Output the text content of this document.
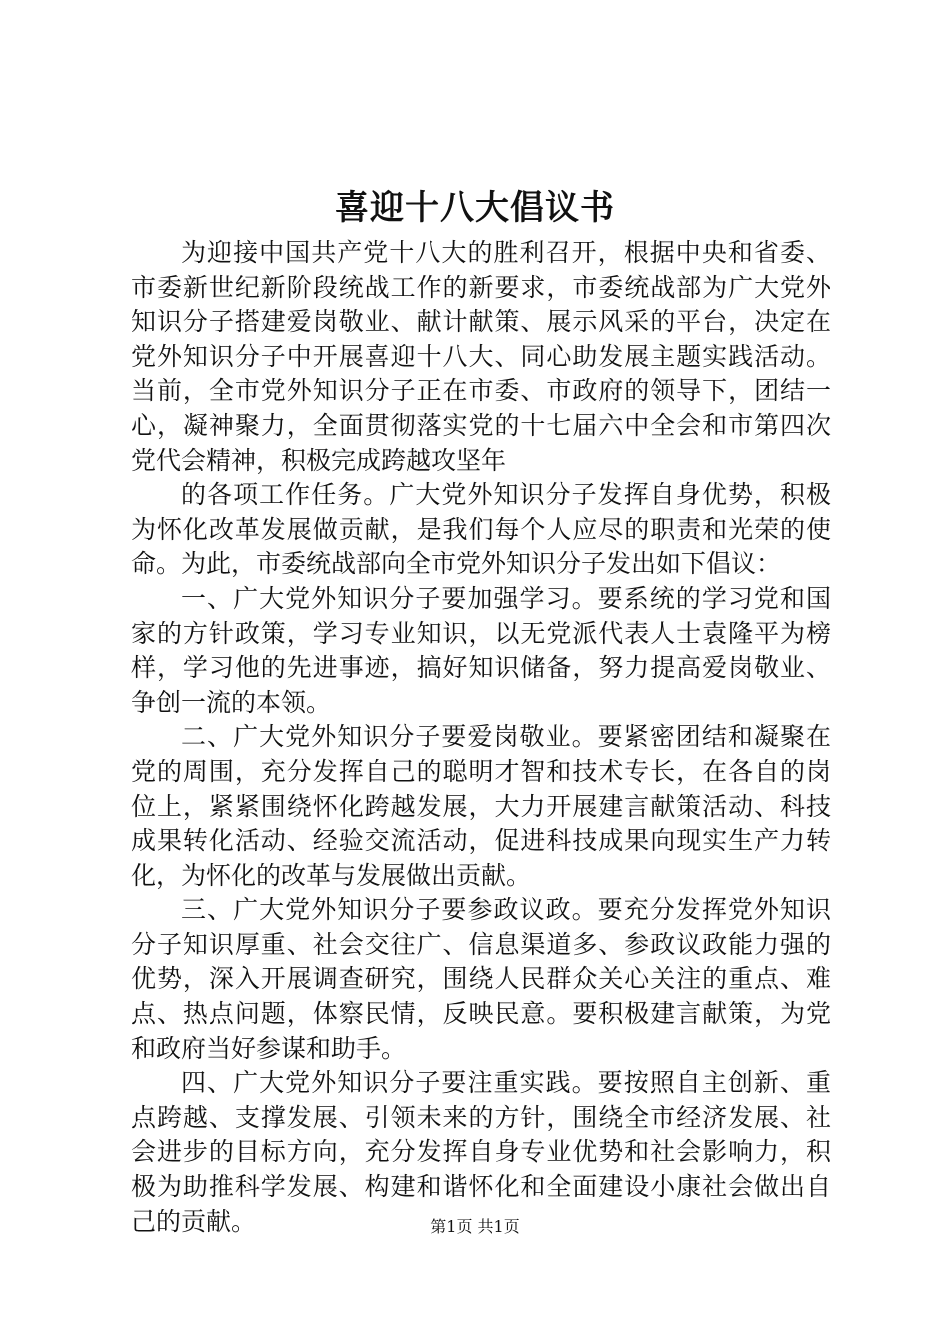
喜迎十八大倡议书
为迎接中国共产党十八大的胜利召开，根据中央和省委、
市委新世纪新阶段统战工作的新要求，市委统战部为广大党外
知识分子搭建爱岗敬业、献计献策、展示风采的平台，决定在
党外知识分子中开展喜迎十八大、同心助发展主题实践活动。
当前，全市党外知识分子正在市委、市政府的领导下，团结一
心，凝神聚力，全面贯彻落实党的十七届六中全会和市第四次
党代会精神，积极完成跨越攻坚年
的各项工作任务。广大党外知识分子发挥自身优势，积极
为怀化改革发展做贡献，是我们每个人应尽的职责和光荣的使
命。为此，市委统战部向全市党外知识分子发出如下倡议：
一、广大党外知识分子要加强学习。要系统的学习党和国
家的方针政策，学习专业知识，以无党派代表人士袁隆平为榜
样，学习他的先进事迹，搞好知识储备，努力提高爱岗敬业、
争创一流的本领。
二、广大党外知识分子要爱岗敬业。要紧密团结和凝聚在
党的周围，充分发挥自己的聪明才智和技术专长，在各自的岗
位上，紧紧围绕怀化跨越发展，大力开展建言献策活动、科技
成果转化活动、经验交流活动，促进科技成果向现实生产力转
化，为怀化的改革与发展做出贡献。
三、广大党外知识分子要参政议政。要充分发挥党外知识
分子知识厚重、社会交往广、信息渠道多、参政议政能力强的
优势，深入开展调查研究，围绕人民群众关心关注的重点、难
点、热点问题，体察民情，反映民意。要积极建言献策，为党
和政府当好参谋和助手。
四、广大党外知识分子要注重实践。要按照自主创新、重
点跨越、支撑发展、引领未来的方针，围绕全市经济发展、社
会进步的目标方向，充分发挥自身专业优势和社会影响力，积
极为助推科学发展、构建和谐怀化和全面建设小康社会做出自
己的贡献。	第1页 共1页
